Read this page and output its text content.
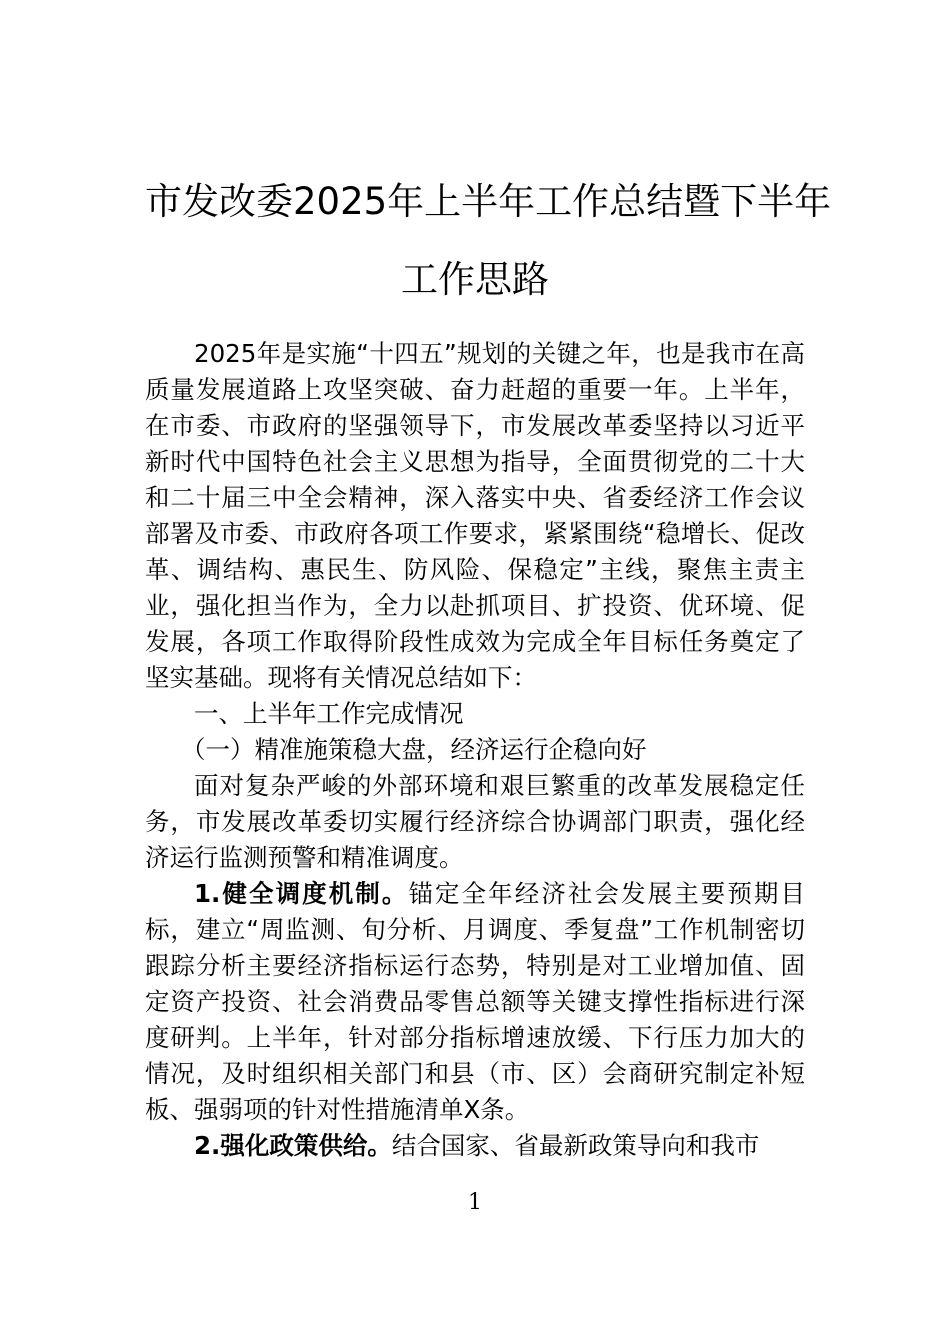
市发改委2025年上半年工作总结暨下半年
工作思路

2025年是实施“十四五”规划的关键之年，也是我市在高质量发展道路上攻坚突破、奋力赶超的重要一年。上半年，在市委、市政府的坚强领导下，市发展改革委坚持以习近平新时代中国特色社会主义思想为指导，全面贯彻党的二十大和二十届三中全会精神，深入落实中央、省委经济工作会议部署及市委、市政府各项工作要求，紧紧围绕“稳增长、促改革、调结构、惠民生、防风险、保稳定”主线，聚焦主责主业，强化担当作为，全力以赴抓项目、扩投资、优环境、促发展，各项工作取得阶段性成效为完成全年目标任务奠定了坚实基础。现将有关情况总结如下：

一、上半年工作完成情况

（一）精准施策稳大盘，经济运行企稳向好

面对复杂严峻的外部环境和艰巨繁重的改革发展稳定任务，市发展改革委切实履行经济综合协调部门职责，强化经济运行监测预警和精准调度。

1.健全调度机制。锚定全年经济社会发展主要预期目标，建立“周监测、旬分析、月调度、季复盘”工作机制密切跟踪分析主要经济指标运行态势，特别是对工业增加值、固定资产投资、社会消费品零售总额等关键支撑性指标进行深度研判。上半年，针对部分指标增速放缓、下行压力加大的情况，及时组织相关部门和县（市、区）会商研究制定补短板、强弱项的针对性措施清单X条。

2.强化政策供给。结合国家、省最新政策导向和我市

1
